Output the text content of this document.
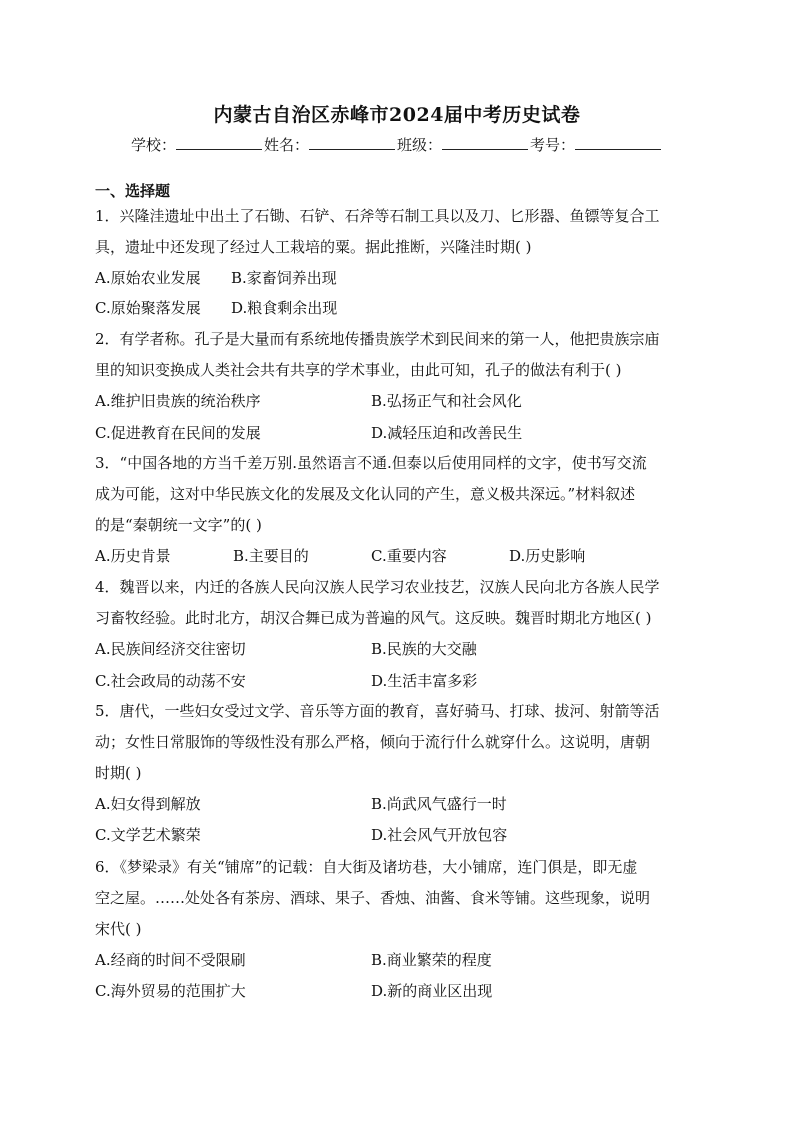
内蒙古自治区赤峰市2024届中考历史试卷
学校：	姓名：	班级：	考号：
一、选择题

1．兴隆洼遗址中出土了石锄、石铲、石斧等石制工具以及刀、匕形器、鱼镖等复合工

具，遗址中还发现了经过人工栽培的粟。据此推断，兴隆洼时期( )

A.原始农业发展 B.家畜饲养出现
C.原始聚落发展 D.粮食剩余出现

2．有学者称。孔子是大量而有系统地传播贵族学术到民间来的第一人，他把贵族宗庙

里的知识变换成人类社会共有共享的学术事业，由此可知，孔子的做法有利于( )

A.维护旧贵族的统治秩序	B.弘扬正气和社会风化
C.促进教育在民间的发展	D.减轻压迫和改善民生

3．“中国各地的方当千差万别.虽然语言不通.但泰以后使用同样的文字，使书写交流

成为可能，这对中华民族文化的发展及文化认同的产生，意义极共深远。”材料叙述

的是“秦朝统一文字”的( )

A.历史肯景	B.主要目的	C.重要内容	D.历史影响

4．魏晋以来，内迁的各族人民向汉族人民学习农业技艺，汉族人民向北方各族人民学

习畜牧经验。此时北方，胡汉合舞已成为普遍的风气。这反映。魏晋时期北方地区( )

A.民族间经济交往密切	B.民族的大交融
C.社会政局的动荡不安	D.生活丰富多彩

5．唐代，一些妇女受过文学、音乐等方面的教育，喜好骑马、打球、拔河、射箭等活

动；女性日常服饰的等级性没有那么严格，倾向于流行什么就穿什么。这说明，唐朝

时期( )

A.妇女得到解放	B.尚武风气盛行一时
C.文学艺术繁荣	D.社会风气开放包容

6．《梦梁录》有关“铺席”的记载：自大街及诸坊巷，大小铺席，连门俱是，即无虚

空之屋。……处处各有茶房、酒球、果子、香烛、油酱、食米等铺。这些现象，说明

宋代( )

A.经商的时间不受限刷	B.商业繁荣的程度
C.海外贸易的范围扩大	D.新的商业区出现
